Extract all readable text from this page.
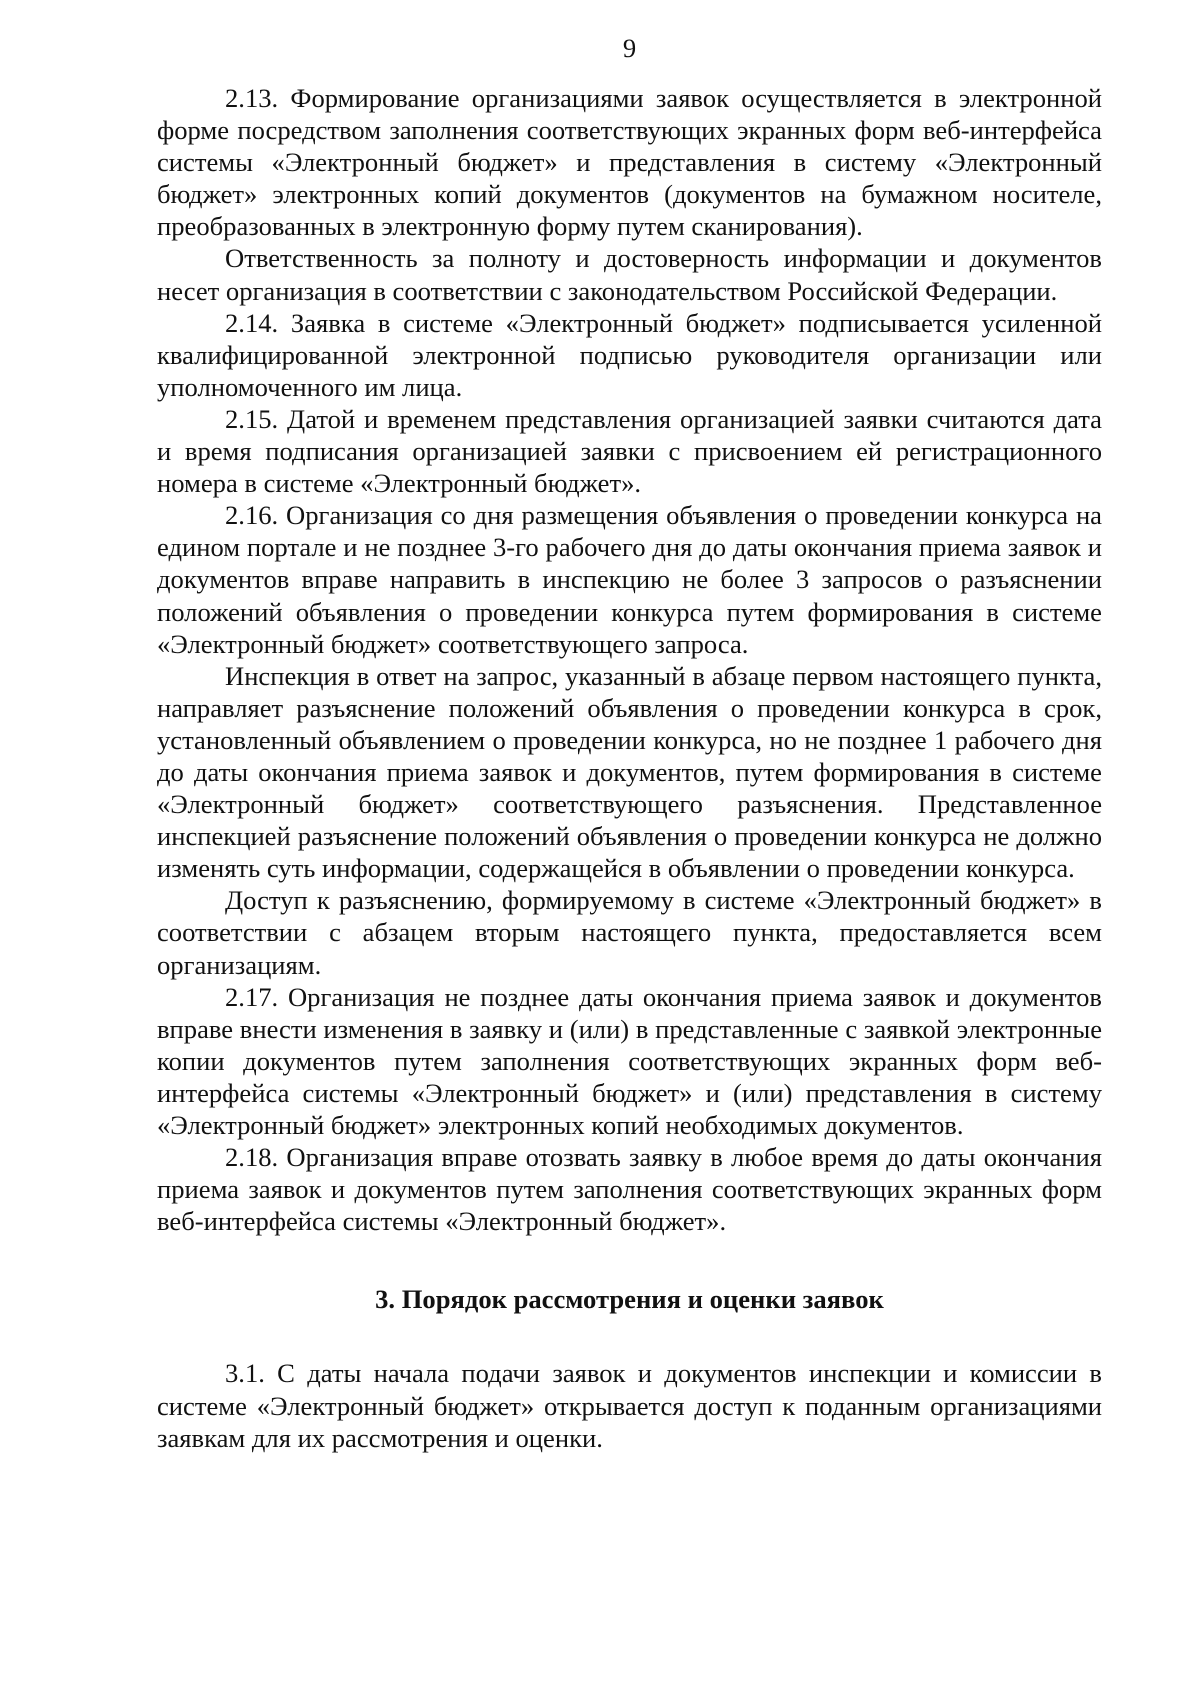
9

2.13. Формирование организациями заявок осуществляется в электронной форме посредством заполнения соответствующих экранных форм веб-интерфейса системы «Электронный бюджет» и представления в систему «Электронный бюджет» электронных копий документов (документов на бумажном носителе, преобразованных в электронную форму путем сканирования).

Ответственность за полноту и достоверность информации и документов несет организация в соответствии с законодательством Российской Федерации.

2.14. Заявка в системе «Электронный бюджет» подписывается усиленной квалифицированной электронной подписью руководителя организации или уполномоченного им лица.

2.15. Датой и временем представления организацией заявки считаются дата и время подписания организацией заявки с присвоением ей регистрационного номера в системе «Электронный бюджет».

2.16. Организация со дня размещения объявления о проведении конкурса на едином портале и не позднее 3-го рабочего дня до даты окончания приема заявок и документов вправе направить в инспекцию не более 3 запросов о разъяснении положений объявления о проведении конкурса путем формирования в системе «Электронный бюджет» соответствующего запроса.

Инспекция в ответ на запрос, указанный в абзаце первом настоящего пункта, направляет разъяснение положений объявления о проведении конкурса в срок, установленный объявлением о проведении конкурса, но не позднее 1 рабочего дня до даты окончания приема заявок и документов, путем формирования в системе «Электронный бюджет» соответствующего разъяснения. Представленное инспекцией разъяснение положений объявления о проведении конкурса не должно изменять суть информации, содержащейся в объявлении о проведении конкурса.

Доступ к разъяснению, формируемому в системе «Электронный бюджет» в соответствии с абзацем вторым настоящего пункта, предоставляется всем организациям.

2.17. Организация не позднее даты окончания приема заявок и документов вправе внести изменения в заявку и (или) в представленные с заявкой электронные копии документов путем заполнения соответствующих экранных форм веб-интерфейса системы «Электронный бюджет» и (или) представления в систему «Электронный бюджет» электронных копий необходимых документов.

2.18. Организация вправе отозвать заявку в любое время до даты окончания приема заявок и документов путем заполнения соответствующих экранных форм веб-интерфейса системы «Электронный бюджет».

3. Порядок рассмотрения и оценки заявок

3.1. С даты начала подачи заявок и документов инспекции и комиссии в системе «Электронный бюджет» открывается доступ к поданным организациями заявкам для их рассмотрения и оценки.
